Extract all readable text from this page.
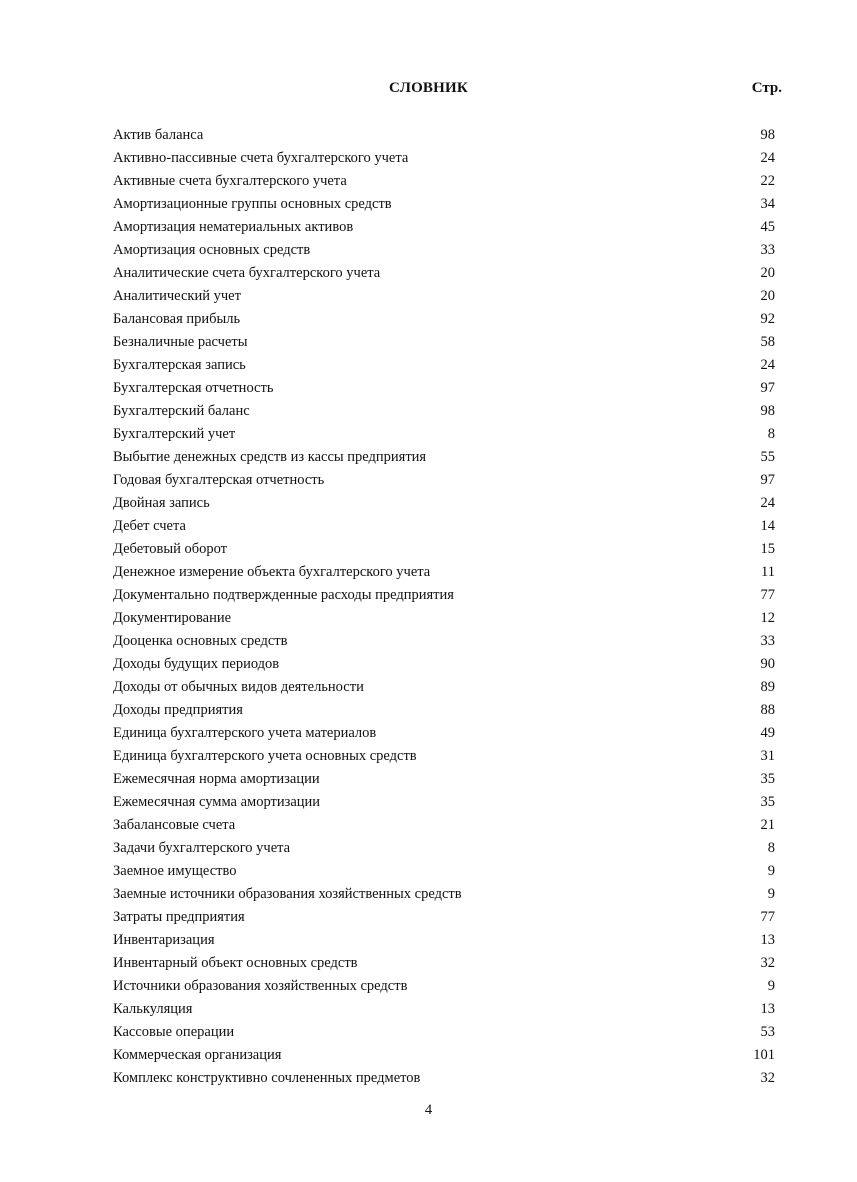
СЛОВНИК	Стр.
Актив баланса	98
Активно-пассивные счета бухгалтерского учета	24
Активные счета бухгалтерского учета	22
Амортизационные группы основных средств	34
Амортизация нематериальных активов	45
Амортизация основных средств	33
Аналитические счета бухгалтерского учета	20
Аналитический учет	20
Балансовая прибыль	92
Безналичные расчеты	58
Бухгалтерская запись	24
Бухгалтерская отчетность	97
Бухгалтерский баланс	98
Бухгалтерский учет	8
Выбытие денежных средств из кассы предприятия	55
Годовая бухгалтерская отчетность	97
Двойная запись	24
Дебет счета	14
Дебетовый оборот	15
Денежное измерение объекта бухгалтерского учета	11
Документально подтвержденные расходы предприятия	77
Документирование	12
Дооценка основных средств	33
Доходы будущих периодов	90
Доходы от обычных видов деятельности	89
Доходы предприятия	88
Единица бухгалтерского учета материалов	49
Единица бухгалтерского учета основных средств	31
Ежемесячная норма амортизации	35
Ежемесячная сумма амортизации	35
Забалансовые счета	21
Задачи бухгалтерского учета	8
Заемное имущество	9
Заемные источники образования хозяйственных средств	9
Затраты предприятия	77
Инвентаризация	13
Инвентарный объект основных средств	32
Источники образования хозяйственных средств	9
Калькуляция	13
Кассовые операции	53
Коммерческая организация	101
Комплекс конструктивно сочлененных предметов	32
4
